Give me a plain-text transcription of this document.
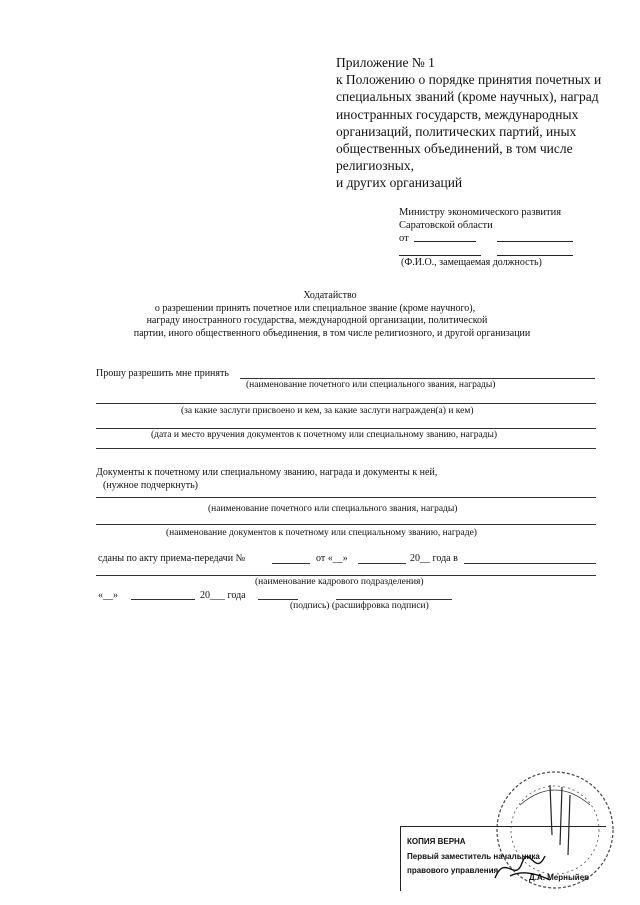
Приложение № 1
к Положению о порядке принятия почетных и
специальных званий (кроме научных), наград
иностранных государств, международных
организаций, политических партий, иных
общественных объединений, в том числе
религиозных,
и других организаций
Министру экономического развития
Саратовской области
от
(Ф.И.О., замещаемая должность)
Ходатайство
о разрешении принять почетное или специальное звание (кроме научного),
награду иностранного государства, международной организации, политической
партии, иного общественного объединения, в том числе религиозного, и другой организации
Прошу разрешить мне принять
(наименование почетного или специального звания, награды)
(за какие заслуги присвоено и кем, за какие заслуги награжден(а) и кем)
(дата и место вручения документов к почетному или специальному званию, награды)
Документы к почетному или специальному званию, награда и документы к ней,
(нужное подчеркнуть)
(наименование почетного или специального звания, награды)
(наименование документов к почетному или специальному званию, награде)
сданы по акту приема-передачи №	от «__»	20__ года в
(наименование кадрового подразделения)
«__»	20___ года
(подпись) (расшифровка подписи)
КОПИЯ ВЕРНА
Первый заместитель начальника
правового управления
Д.А. Мерныйев
